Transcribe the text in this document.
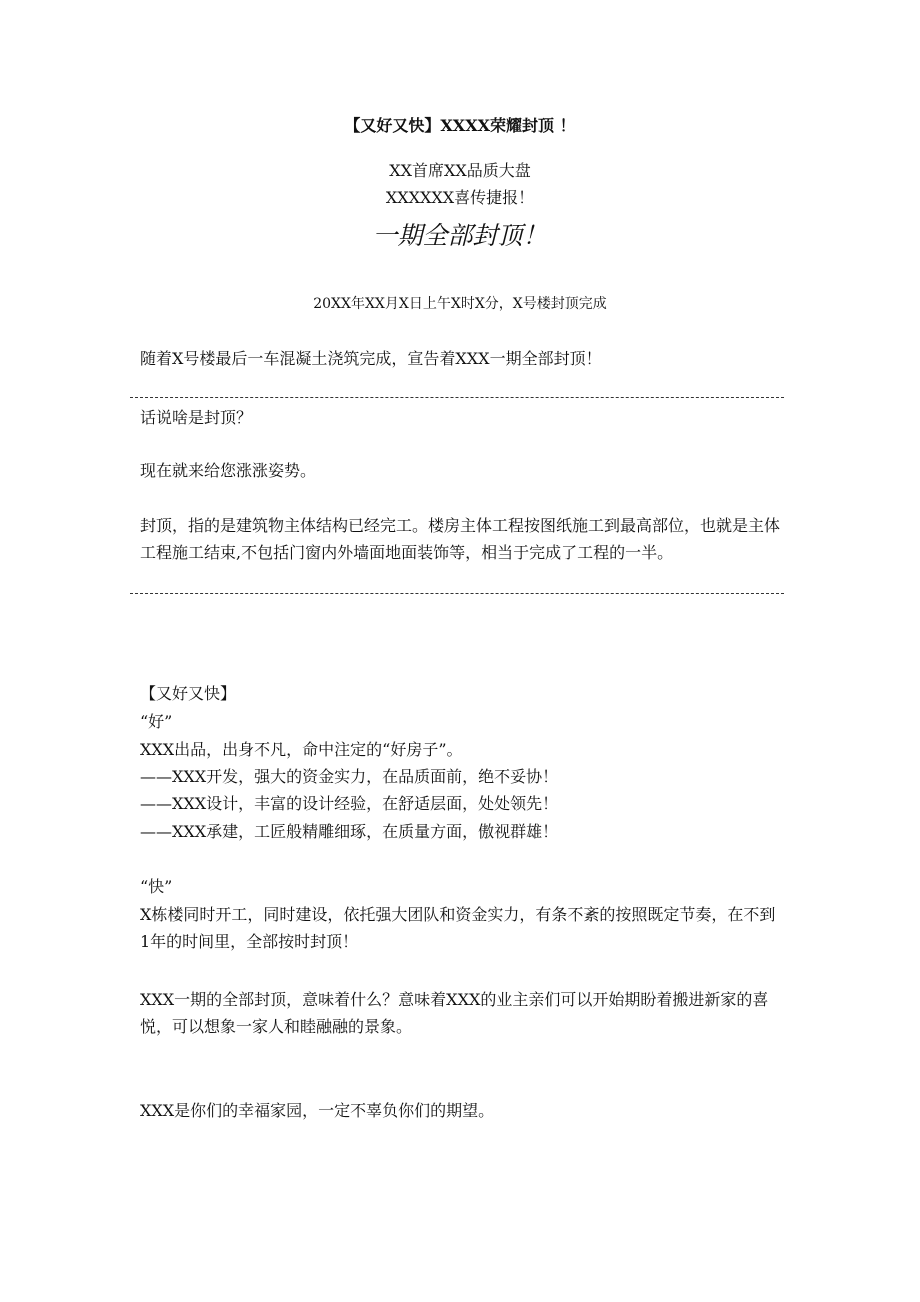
【又好又快】XXXX荣耀封顶 ！
XX首席XX品质大盘
XXXXXX喜传捷报！
一期全部封顶！
20XX年XX月X日上午X时X分，X号楼封顶完成
随着X号楼最后一车混凝土浇筑完成，宣告着XXX一期全部封顶！
话说啥是封顶？
现在就来给您涨涨姿势。
封顶，指的是建筑物主体结构已经完工。楼房主体工程按图纸施工到最高部位，也就是主体工程施工结束,不包括门窗内外墙面地面装饰等，相当于完成了工程的一半。
【又好又快】
“好”
XXX出品，出身不凡，命中注定的“好房子”。
——XXX开发，强大的资金实力，在品质面前，绝不妥协！
——XXX设计，丰富的设计经验，在舒适层面，处处领先！
——XXX承建，工匠般精雕细琢，在质量方面，傲视群雄！
“快”
X栋楼同时开工，同时建设，依托强大团队和资金实力，有条不紊的按照既定节奏，在不到1年的时间里，全部按时封顶！
XXX一期的全部封顶，意味着什么？意味着XXX的业主亲们可以开始期盼着搬进新家的喜悦，可以想象一家人和睦融融的景象。
XXX是你们的幸福家园，一定不辜负你们的期望。
